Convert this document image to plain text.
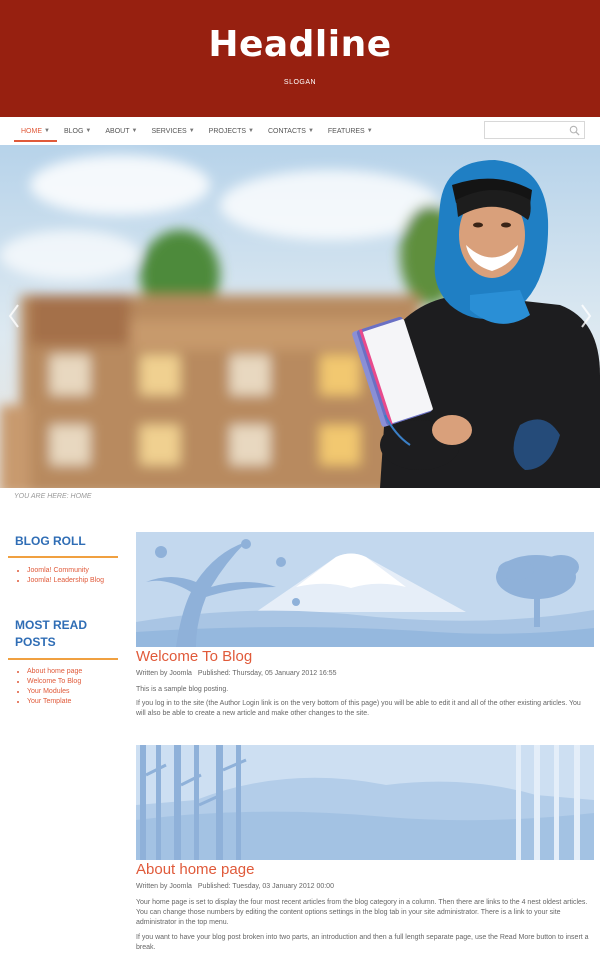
Headline
SLOGAN
HOME ▼ BLOG ▼ ABOUT ▼ SERVICES ▼ PROJECTS ▼ CONTACTS ▼ FEATURES ▼
YOU ARE HERE: HOME
BLOG ROLL
• Joomla! Community
• Joomla! Leadership Blog
MOST READ
POSTS
• About home page
• Welcome To Blog
• Your Modules
• Your Template
Welcome To Blog
Written by Joomla Published: Thursday, 05 January 2012 16:55
This is a sample blog posting.
If you log in to the site (the Author Login link is on the very bottom of this page) you will be able to edit it and all of the other existing articles. You will also be able to create a new article and make other changes to the site.
About home page
Written by Joomla Published: Tuesday, 03 January 2012 00:00
Your home page is set to display the four most recent articles from the blog category in a column. Then there are links to the 4 nest oldest articles. You can change those numbers by editing the content options settings in the blog tab in your site administrator. There is a link to your site administrator in the top menu.
If you want to have your blog post broken into two parts, an introduction and then a full length separate page, use the Read More button to insert a break.
